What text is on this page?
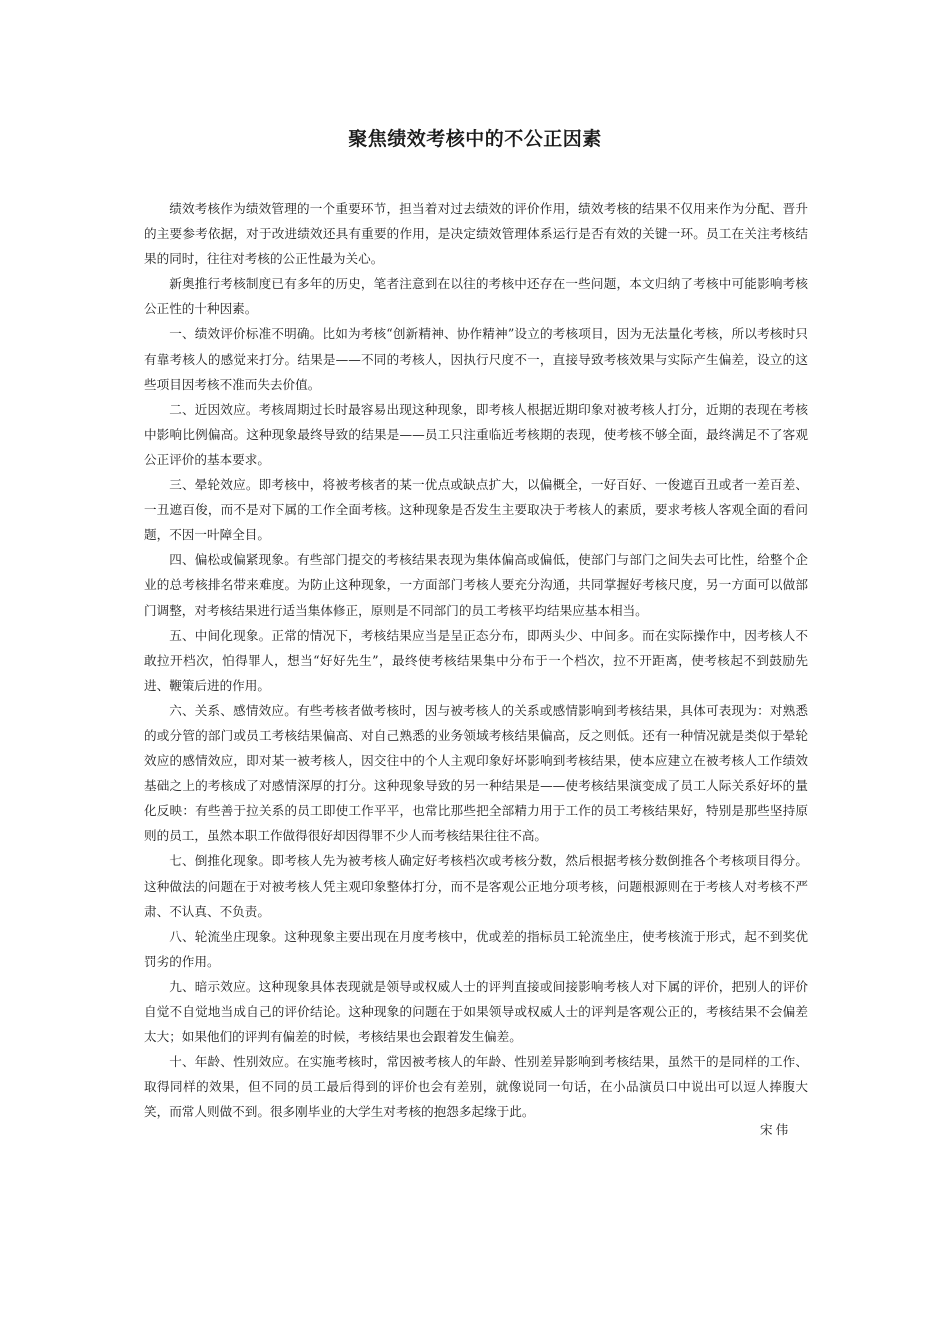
聚焦绩效考核中的不公正因素

绩效考核作为绩效管理的一个重要环节，担当着对过去绩效的评价作用，绩效考核的结果不仅用来作为分配、晋升的主要参考依据，对于改进绩效还具有重要的作用，是决定绩效管理体系运行是否有效的关键一环。员工在关注考核结果的同时，往往对考核的公正性最为关心。

新奥推行考核制度已有多年的历史，笔者注意到在以往的考核中还存在一些问题，本文归纳了考核中可能影响考核公正性的十种因素。

一、绩效评价标准不明确。比如为考核“创新精神、协作精神”设立的考核项目，因为无法量化考核，所以考核时只有靠考核人的感觉来打分。结果是——不同的考核人，因执行尺度不一，直接导致考核效果与实际产生偏差，设立的这些项目因考核不准而失去价值。

二、近因效应。考核周期过长时最容易出现这种现象，即考核人根据近期印象对被考核人打分，近期的表现在考核中影响比例偏高。这种现象最终导致的结果是——员工只注重临近考核期的表现，使考核不够全面，最终满足不了客观公正评价的基本要求。

三、晕轮效应。即考核中，将被考核者的某一优点或缺点扩大，以偏概全，一好百好、一俊遮百丑或者一差百差、一丑遮百俊，而不是对下属的工作全面考核。这种现象是否发生主要取决于考核人的素质，要求考核人客观全面的看问题，不因一叶障全目。

四、偏松或偏紧现象。有些部门提交的考核结果表现为集体偏高或偏低，使部门与部门之间失去可比性，给整个企业的总考核排名带来难度。为防止这种现象，一方面部门考核人要充分沟通，共同掌握好考核尺度，另一方面可以做部门调整，对考核结果进行适当集体修正，原则是不同部门的员工考核平均结果应基本相当。

五、中间化现象。正常的情况下，考核结果应当是呈正态分布，即两头少、中间多。而在实际操作中，因考核人不敢拉开档次，怕得罪人，想当“好好先生”，最终使考核结果集中分布于一个档次，拉不开距离，使考核起不到鼓励先进、鞭策后进的作用。

六、关系、感情效应。有些考核者做考核时，因与被考核人的关系或感情影响到考核结果，具体可表现为：对熟悉的或分管的部门或员工考核结果偏高、对自己熟悉的业务领域考核结果偏高，反之则低。还有一种情况就是类似于晕轮效应的感情效应，即对某一被考核人，因交往中的个人主观印象好坏影响到考核结果，使本应建立在被考核人工作绩效基础之上的考核成了对感情深厚的打分。这种现象导致的另一种结果是——使考核结果演变成了员工人际关系好坏的量化反映：有些善于拉关系的员工即使工作平平，也常比那些把全部精力用于工作的员工考核结果好，特别是那些坚持原则的员工，虽然本职工作做得很好却因得罪不少人而考核结果往往不高。

七、倒推化现象。即考核人先为被考核人确定好考核档次或考核分数，然后根据考核分数倒推各个考核项目得分。这种做法的问题在于对被考核人凭主观印象整体打分，而不是客观公正地分项考核，问题根源则在于考核人对考核不严肃、不认真、不负责。

八、轮流坐庄现象。这种现象主要出现在月度考核中，优或差的指标员工轮流坐庄，使考核流于形式，起不到奖优罚劣的作用。

九、暗示效应。这种现象具体表现就是领导或权威人士的评判直接或间接影响考核人对下属的评价，把别人的评价自觉不自觉地当成自己的评价结论。这种现象的问题在于如果领导或权威人士的评判是客观公正的，考核结果不会偏差太大；如果他们的评判有偏差的时候，考核结果也会跟着发生偏差。

十、年龄、性别效应。在实施考核时，常因被考核人的年龄、性别差异影响到考核结果，虽然干的是同样的工作、取得同样的效果，但不同的员工最后得到的评价也会有差别，就像说同一句话，在小品演员口中说出可以逗人捧腹大笑，而常人则做不到。很多刚毕业的大学生对考核的抱怨多起缘于此。

宋伟
